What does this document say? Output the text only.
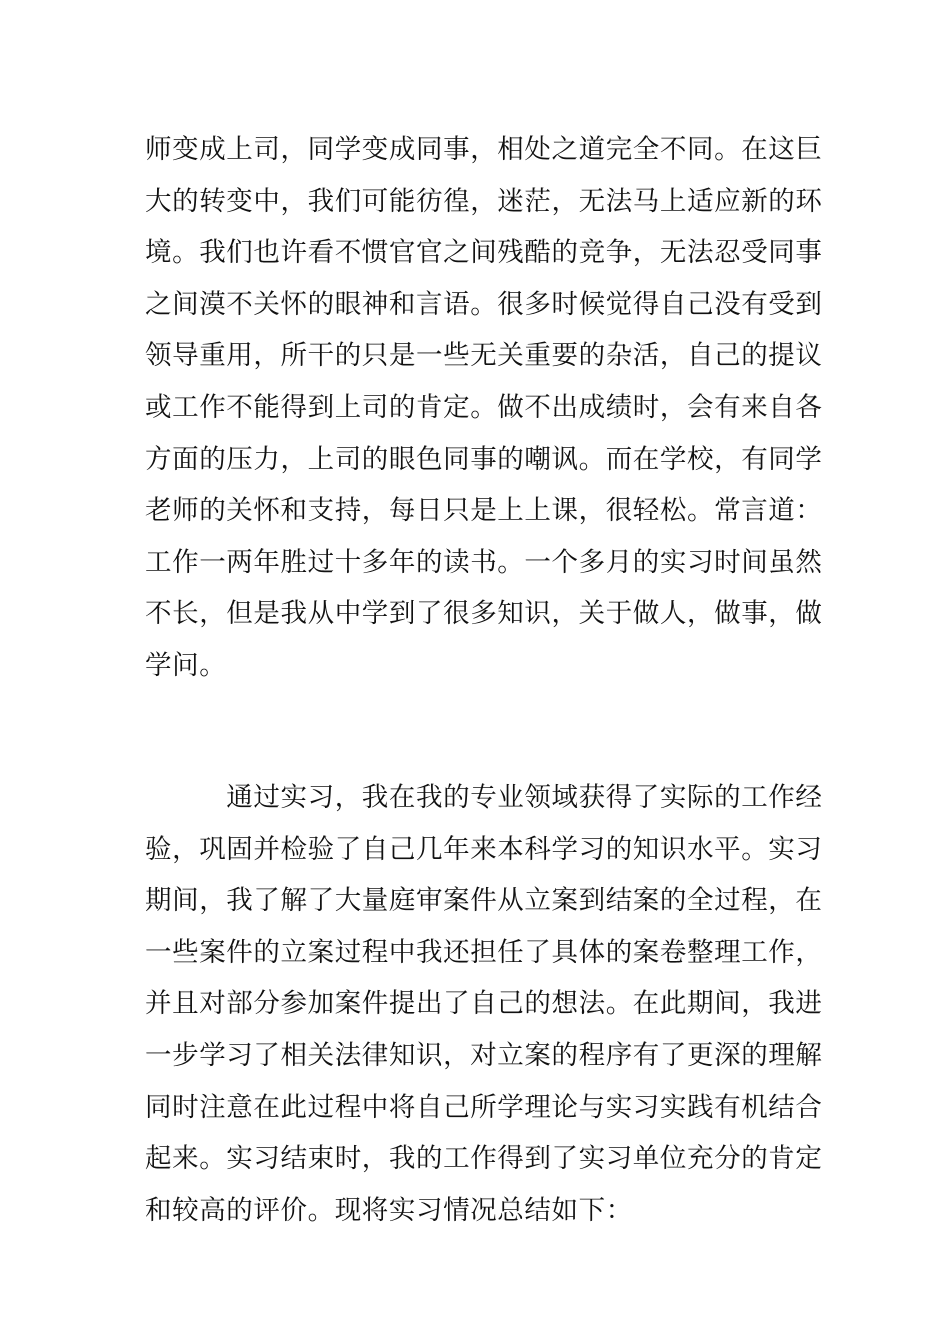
师变成上司，同学变成同事，相处之道完全不同。在这巨
大的转变中，我们可能彷徨，迷茫，无法马上适应新的环
境。我们也许看不惯官官之间残酷的竞争，无法忍受同事
之间漠不关怀的眼神和言语。很多时候觉得自己没有受到
领导重用，所干的只是一些无关重要的杂活，自己的提议
或工作不能得到上司的肯定。做不出成绩时，会有来自各
方面的压力，上司的眼色同事的嘲讽。而在学校，有同学
老师的关怀和支持，每日只是上上课，很轻松。常言道：
工作一两年胜过十多年的读书。一个多月的实习时间虽然
不长，但是我从中学到了很多知识，关于做人，做事，做
学问。

　　　通过实习，我在我的专业领域获得了实际的工作经
验，巩固并检验了自己几年来本科学习的知识水平。实习
期间，我了解了大量庭审案件从立案到结案的全过程，在
一些案件的立案过程中我还担任了具体的案卷整理工作，
并且对部分参加案件提出了自己的想法。在此期间，我进
一步学习了相关法律知识，对立案的程序有了更深的理解
同时注意在此过程中将自己所学理论与实习实践有机结合
起来。实习结束时，我的工作得到了实习单位充分的肯定
和较高的评价。现将实习情况总结如下：
